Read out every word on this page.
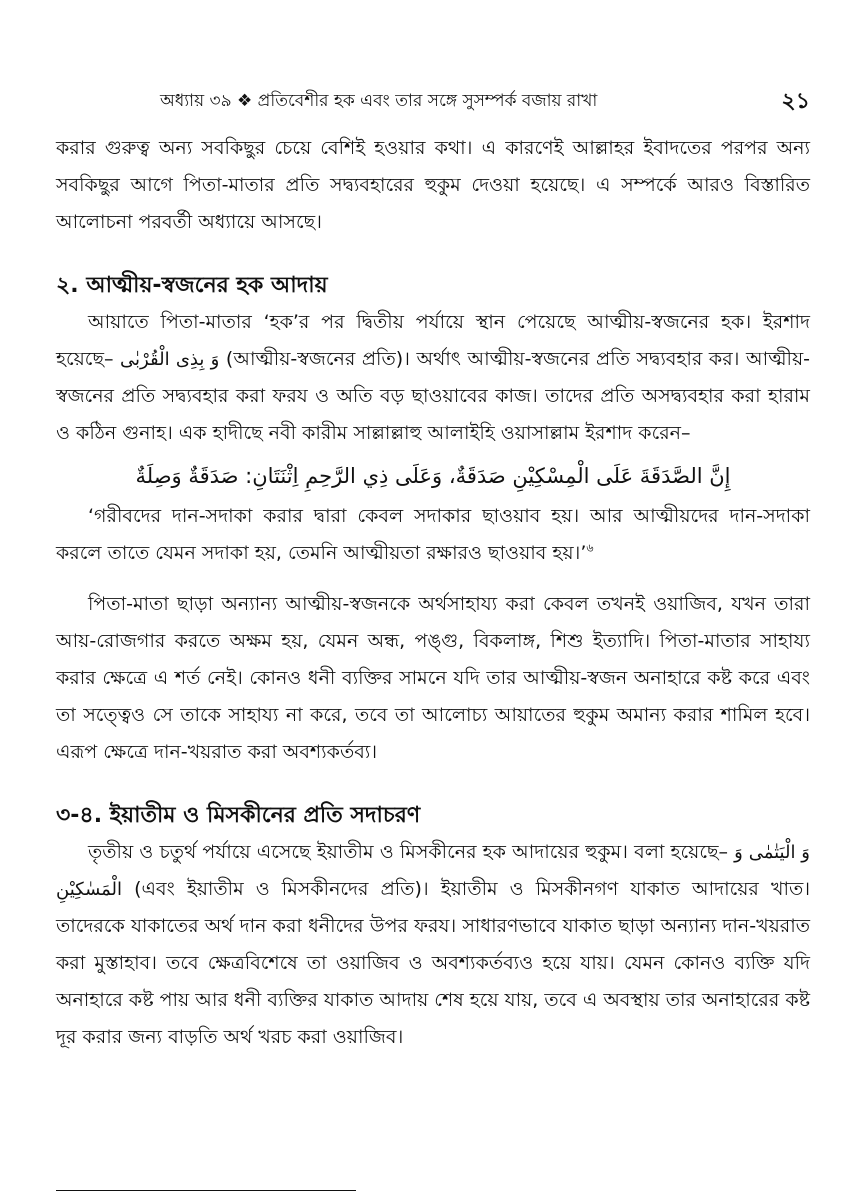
অধ্যায় ৩৯ ❖ প্রতিবেশীর হক এবং তার সঙ্গে সুসম্পর্ক বজায় রাখা	২১

করার গুরুত্ব অন্য সবকিছুর চেয়ে বেশিই হওয়ার কথা। এ কারণেই আল্লাহর ইবাদতের পরপর অন্য সবকিছুর আগে পিতা-মাতার প্রতি সদ্ব্যবহারের হুকুম দেওয়া হয়েছে। এ সম্পর্কে আরও বিস্তারিত আলোচনা পরবর্তী অধ্যায়ে আসছে।

২. আত্মীয়-স্বজনের হক আদায়

আয়াতে পিতা-মাতার ‘হক’র পর দ্বিতীয় পর্যায়ে স্থান পেয়েছে আত্মীয়-স্বজনের হক। ইরশাদ হয়েছে– وَ بِذِی الْقُرْبٰی (আত্মীয়-স্বজনের প্রতি)। অর্থাৎ আত্মীয়-স্বজনের প্রতি সদ্ব্যবহার কর। আত্মীয়-স্বজনের প্রতি সদ্ব্যবহার করা ফরয ও অতি বড় ছাওয়াবের কাজ। তাদের প্রতি অসদ্ব্যবহার করা হারাম ও কঠিন গুনাহ। এক হাদীছে নবী কারীম সাল্লাল্লাহু আলাইহি ওয়াসাল্লাম ইরশাদ করেন–

إِنَّ الصَّدَقَةَ عَلَى الْمِسْكِيْنِ صَدَقَةٌ، وَعَلَى ذِي الرَّحِمِ اِثْنَتَانِ: صَدَقَةٌ وَصِلَةٌ

‘গরীবদের দান-সদাকা করার দ্বারা কেবল সদাকার ছাওয়াব হয়। আর আত্মীয়দের দান-সদাকা করলে তাতে যেমন সদাকা হয়, তেমনি আত্মীয়তা রক্ষারও ছাওয়াব হয়।’$^৬$

পিতা-মাতা ছাড়া অন্যান্য আত্মীয়-স্বজনকে অর্থসাহায্য করা কেবল তখনই ওয়াজিব, যখন তারা আয়-রোজগার করতে অক্ষম হয়, যেমন অন্ধ, পঙ্গু, বিকলাঙ্গ, শিশু ইত্যাদি। পিতা-মাতার সাহায্য করার ক্ষেত্রে এ শর্ত নেই। কোনও ধনী ব্যক্তির সামনে যদি তার আত্মীয়-স্বজন অনাহারে কষ্ট করে এবং তা সত্ত্বেও সে তাকে সাহায্য না করে, তবে তা আলোচ্য আয়াতের হুকুম অমান্য করার শামিল হবে। এরূপ ক্ষেত্রে দান-খয়রাত করা অবশ্যকর্তব্য।

৩-৪. ইয়াতীম ও মিসকীনের প্রতি সদাচরণ

তৃতীয় ও চতুর্থ পর্যায়ে এসেছে ইয়াতীম ও মিসকীনের হক আদায়ের হুকুম। বলা হয়েছে– وَ الْيَتٰمٰى وَ الْمَسٰكِيْنِ (এবং ইয়াতীম ও মিসকীনদের প্রতি)। ইয়াতীম ও মিসকীনগণ যাকাত আদায়ের খাত। তাদেরকে যাকাতের অর্থ দান করা ধনীদের উপর ফরয। সাধারণভাবে যাকাত ছাড়া অন্যান্য দান-খয়রাত করা মুস্তাহাব। তবে ক্ষেত্রবিশেষে তা ওয়াজিব ও অবশ্যকর্তব্যও হয়ে যায়। যেমন কোনও ব্যক্তি যদি অনাহারে কষ্ট পায় আর ধনী ব্যক্তির যাকাত আদায় শেষ হয়ে যায়, তবে এ অবস্থায় তার অনাহারের কষ্ট দূর করার জন্য বাড়তি অর্থ খরচ করা ওয়াজিব।
